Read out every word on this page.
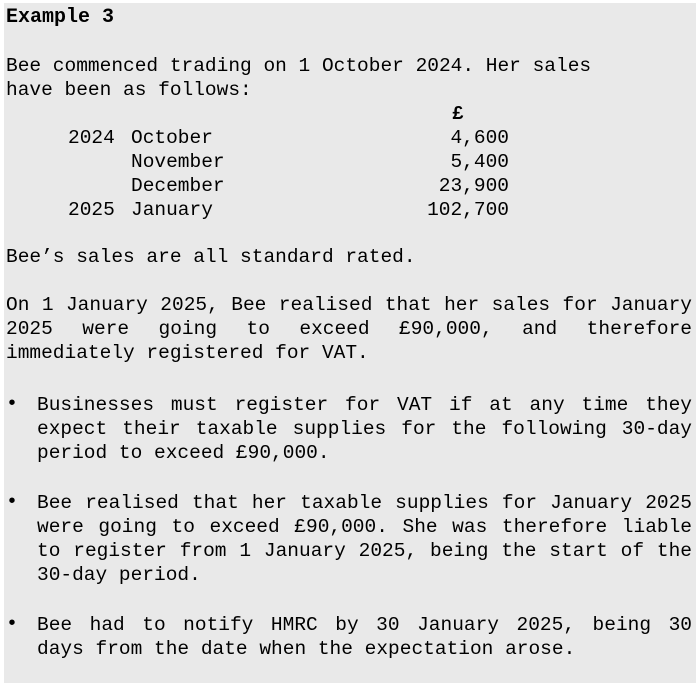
Example 3
Bee commenced trading on 1 October 2024. Her sales
have been as follows:
£
2024 October	4,600
November	5,400
December	23,900
2025 January	102,700
Bee’s sales are all standard rated.

On 1 January 2025, Bee realised that her sales for January 2025 were going to exceed £90,000, and therefore immediately registered for VAT.

• Businesses must register for VAT if at any time they expect their taxable supplies for the following 30-day period to exceed £90,000.

• Bee realised that her taxable supplies for January 2025 were going to exceed £90,000. She was therefore liable to register from 1 January 2025, being the start of the 30-day period.

• Bee had to notify HMRC by 30 January 2025, being 30 days from the date when the expectation arose.
